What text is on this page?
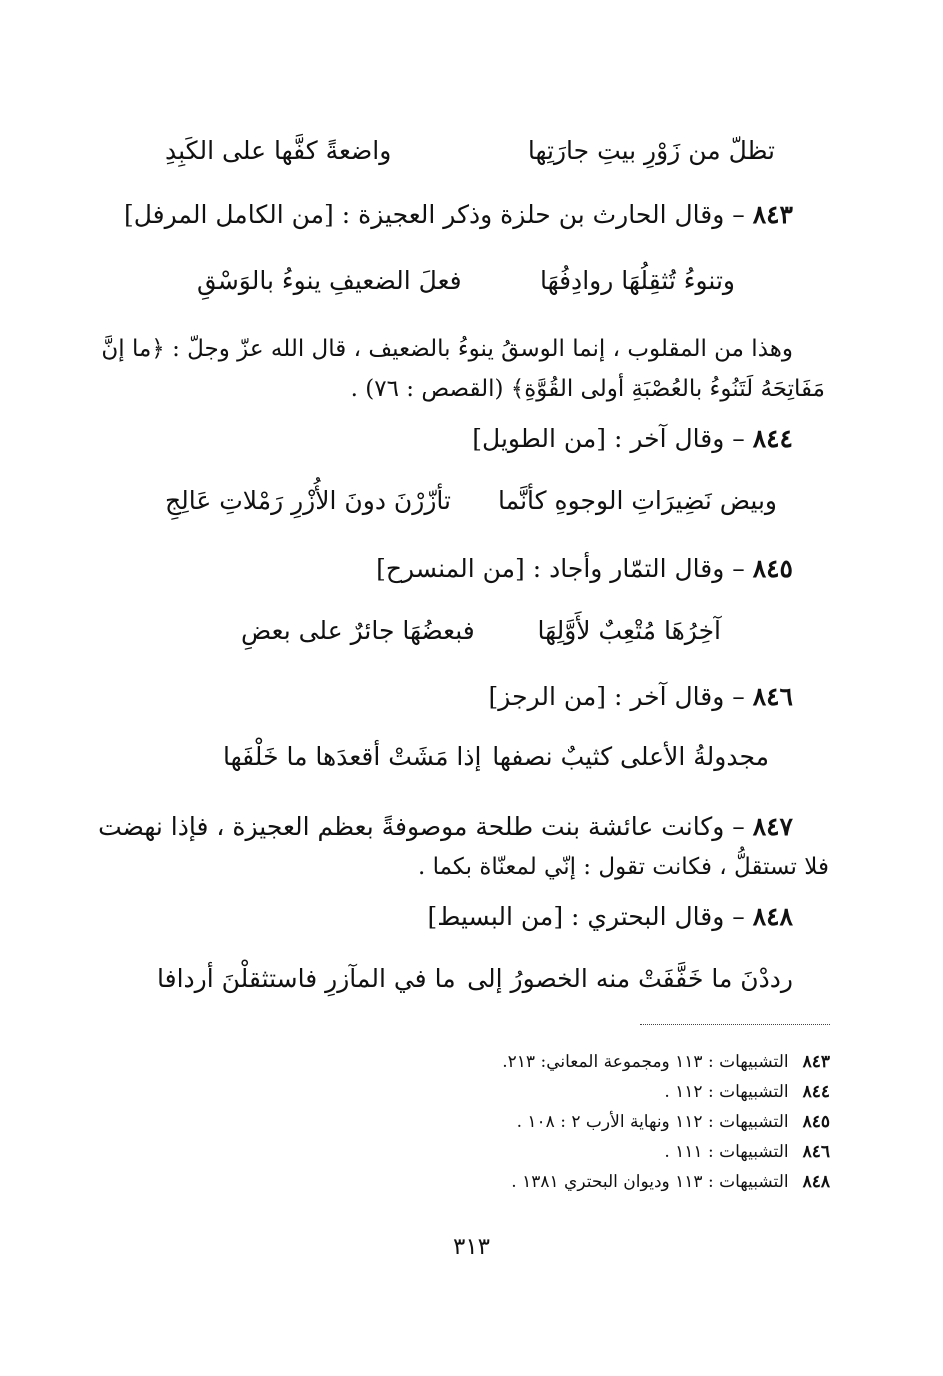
تظلّ من زَوْرِ بيتِ جارَتِها
واضعةً كفَّها على الكَبِدِ
٨٤٣ – وقال الحارث بن حلزة وذكر العجيزة : [من الكامل المرفل]
وتنوءُ تُثقِلُهَا روادِفُهَا
فعلَ الضعيفِ ينوءُ بالوَسْقِ
وهذا من المقلوب ، إنما الوسقُ ينوءُ بالضعيف ، قال الله عزّ وجلّ : ﴿ما إنَّ
مَفَاتِحَهُ لَتَنُوءُ بالعُصْبَةِ أولى القُوَّةِ﴾ (القصص : ٧٦) .
٨٤٤ – وقال آخر : [من الطويل]
وبيض نَضِيرَاتِ الوجوهِ كأنَّما
تأزّرْنَ دونَ الأُزْرِ رَمْلاتِ عَالِجِ
٨٤٥ – وقال التمّار وأجاد : [من المنسرح]
آخِرُهَا مُتْعِبٌ لأَوَّلِهَا
فبعضُهَا جائرٌ على بعضِ
٨٤٦ – وقال آخر : [من الرجز]
مجدولةُ الأعلى كثيبٌ نصفها
إذا مَشَتْ أقعدَها ما خَلْفَها
٨٤٧ – وكانت عائشة بنت طلحة موصوفةً بعظم العجيزة ، فإذا نهضت
فلا تستقلُّ ، فكانت تقول : إنّي لمعنّاة بكما .
٨٤٨ – وقال البحتري : [من البسيط]
رددْنَ ما خَفَّفَتْ منه الخصورُ إلى
ما في المآزرِ فاستثقلْنَ أردافا
٨٤٣التشبيهات : ١١٣ ومجموعة المعاني: ٢١٣.
٨٤٤التشبيهات : ١١٢ .
٨٤٥التشبيهات : ١١٢ ونهاية الأرب ٢ : ١٠٨ .
٨٤٦التشبيهات : ١١١ .
٨٤٨التشبيهات : ١١٣ وديوان البحتري ١٣٨١ .
٣١٣
